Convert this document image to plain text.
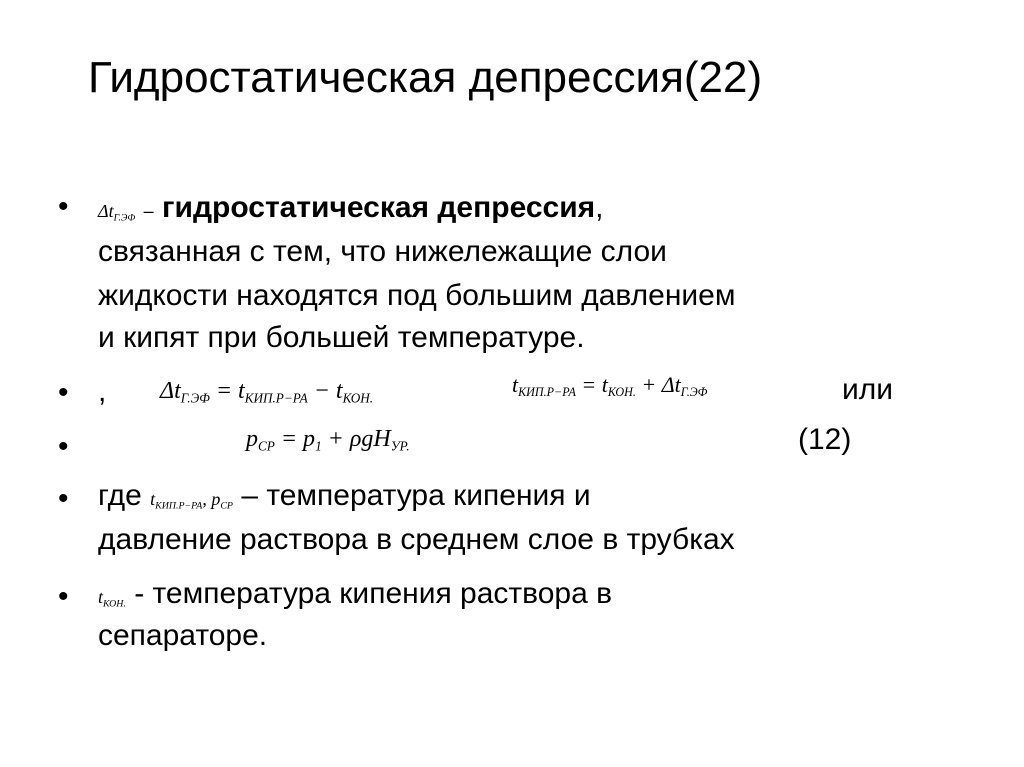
Гидростатическая депрессия(22)
• $\Delta t_{Г.ЭФ}$ – гидростатическая депрессия,
связанная с тем, что нижележащие слои
жидкости находятся под большим давлением
и кипят при большей температуре.
• , $\Delta t_{Г.ЭФ} = t_{КИП.Р-РА} - t_{КОН.}$
$t_{КИП.Р-РА} = t_{КОН.} + \Delta t_{Г.ЭФ}$	или
•	$p_{СР} = p_1 + \rho gH_{УР.}$	(12)
• где $t_{КИП.Р-РА}$, $p_{СР}$ – температура кипения и
давление раствора в среднем слое в трубках
• $t_{КОН.}$ - температура кипения раствора в
сепараторе.
